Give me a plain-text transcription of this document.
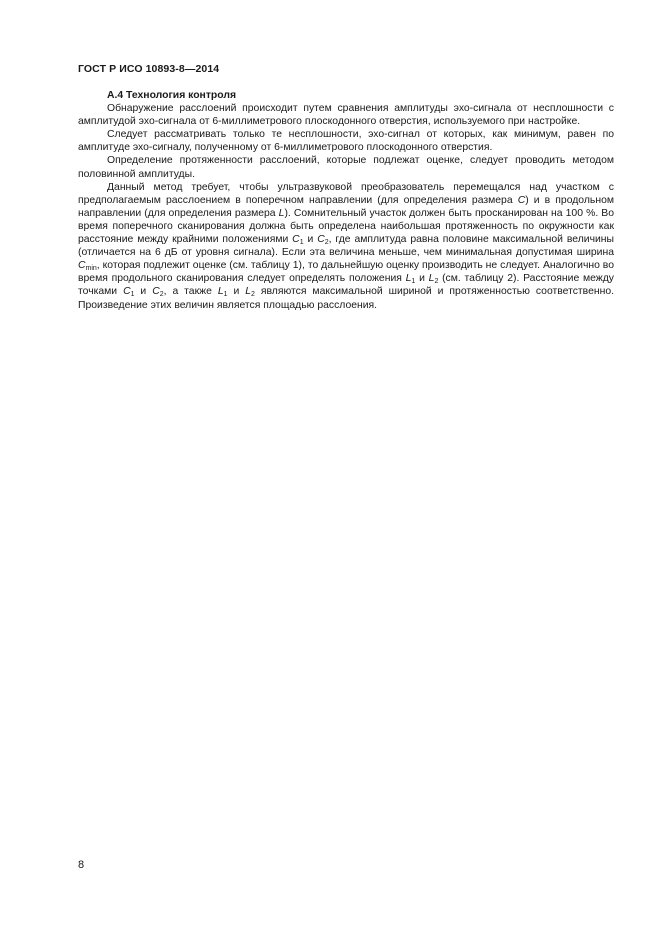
ГОСТ Р ИСО 10893-8—2014

А.4 Технология контроля

Обнаружение расслоений происходит путем сравнения амплитуды эхо-сигнала от несплошности с амплитудой эхо-сигнала от 6-миллиметрового плоскодонного отверстия, используемого при настройке.

Следует рассматривать только те несплошности, эхо-сигнал от которых, как минимум, равен по амплитуде эхо-сигналу, полученному от 6-миллиметрового плоскодонного отверстия.

Определение протяженности расслоений, которые подлежат оценке, следует проводить методом половинной амплитуды.

Данный метод требует, чтобы ультразвуковой преобразователь перемещался над участком с предполагаемым расслоением в поперечном направлении (для определения размера C) и в продольном направлении (для определения размера L). Сомнительный участок должен быть просканирован на 100 %. Во время поперечного сканирования должна быть определена наибольшая протяженность по окружности как расстояние между крайними положениями $C_1$ и $C_2$, где амплитуда равна половине максимальной величины (отличается на 6 дБ от уровня сигнала). Если эта величина меньше, чем минимальная допустимая ширина $C_{min}$, которая подлежит оценке (см. таблицу 1), то дальнейшую оценку производить не следует. Аналогично во время продольного сканирования следует определять положения $L_1$ и $L_2$ (см. таблицу 2). Расстояние между точками $C_1$ и $C_2$, а также $L_1$ и $L_2$ являются максимальной шириной и протяженностью соответственно. Произведение этих величин является площадью расслоения.

8
